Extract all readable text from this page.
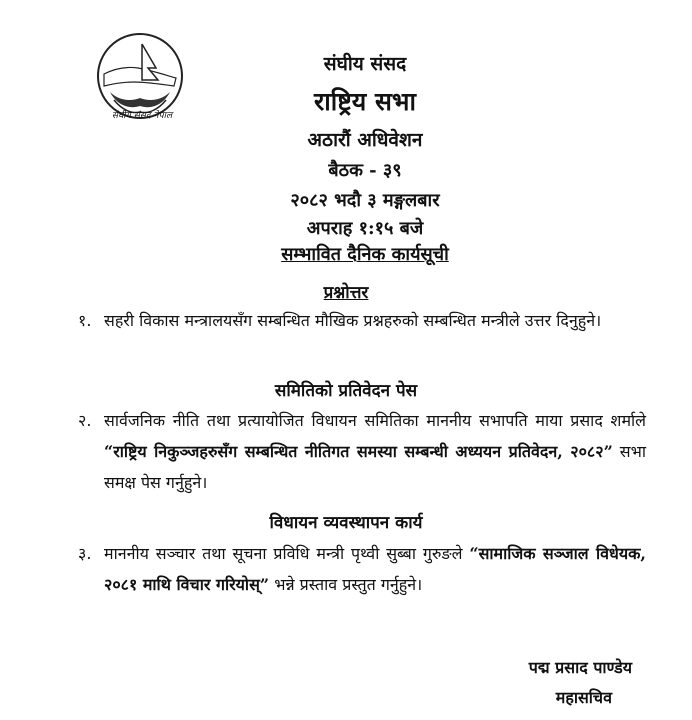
संघीय संसद नेपाल
संघीय संसद
राष्ट्रिय सभा
अठारौं अधिवेशन
बैठक - ३९
२०८२ भदौ ३ मङ्गलबार
अपराह १:१५ बजे
सम्भावित दैनिक कार्यसूची
प्रश्नोत्तर
१. सहरी विकास मन्त्रालयसँग सम्बन्धित मौखिक प्रश्नहरुको सम्बन्धित मन्त्रीले उत्तर दिनुहुने।
समितिको प्रतिवेदन पेस
२. सार्वजनिक नीति तथा प्रत्यायोजित विधायन समितिका माननीय सभापति माया प्रसाद शर्माले “राष्ट्रिय निकुञ्जहरुसँग सम्बन्धित नीतिगत समस्या सम्बन्धी अध्ययन प्रतिवेदन, २०८२” सभा समक्ष पेस गर्नुहुने।
विधायन व्यवस्थापन कार्य
३. माननीय सञ्चार तथा सूचना प्रविधि मन्त्री पृथ्वी सुब्बा गुरुङले “सामाजिक सञ्जाल विधेयक, २०८१ माथि विचार गरियोस्” भन्ने प्रस्ताव प्रस्तुत गर्नुहुने।
पद्म प्रसाद पाण्डेय
महासचिव
